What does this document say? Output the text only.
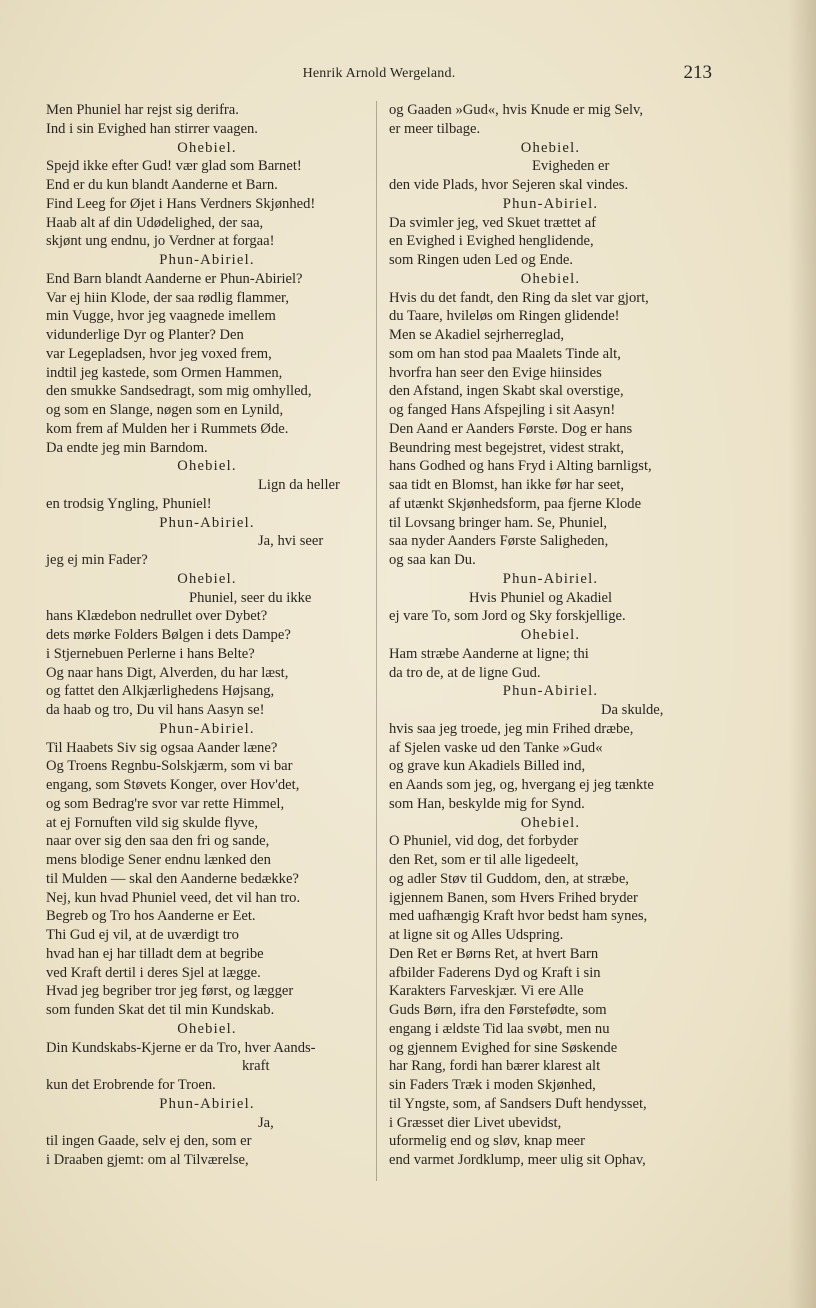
Henrik Arnold Wergeland.	213
Men Phuniel har rejst sig derifra.
Ind i sin Evighed han stirrer vaagen.
Ohebiel.
Spejd ikke efter Gud! vær glad som Barnet!
End er du kun blandt Aanderne et Barn.
Find Leeg for Øjet i Hans Verdners Skjønhed!
Haab alt af din Udødelighed, der saa,
skjønt ung endnu, jo Verdner at forgaa!
Phun-Abiriel.
End Barn blandt Aanderne er Phun-Abiriel?
Var ej hiin Klode, der saa rødlig flammer,
min Vugge, hvor jeg vaagnede imellem
vidunderlige Dyr og Planter? Den
var Legepladsen, hvor jeg voxed frem,
indtil jeg kastede, som Ormen Hammen,
den smukke Sandsedragt, som mig omhylled,
og som en Slange, nøgen som en Lynild,
kom frem af Mulden her i Rummets Øde.
Da endte jeg min Barndom.
Ohebiel.
Lign da heller
en trodsig Yngling, Phuniel!
Phun-Abiriel.
Ja, hvi seer
jeg ej min Fader?
Ohebiel.
Phuniel, seer du ikke
hans Klædebon nedrullet over Dybet?
dets mørke Folders Bølgen i dets Dampe?
i Stjernebuen Perlerne i hans Belte?
Og naar hans Digt, Alverden, du har læst,
og fattet den Alkjærlighedens Højsang,
da haab og tro, Du vil hans Aasyn se!
Phun-Abiriel.
Til Haabets Siv sig ogsaa Aander læne?
Og Troens Regnbu-Solskjærm, som vi bar
engang, som Støvets Konger, over Hov'det,
og som Bedrag're svor var rette Himmel,
at ej Fornuften vild sig skulde flyve,
naar over sig den saa den fri og sande,
mens blodige Sener endnu lænked den
til Mulden — skal den Aanderne bedække?
Nej, kun hvad Phuniel veed, det vil han tro.
Begreb og Tro hos Aanderne er Eet.
Thi Gud ej vil, at de uværdigt tro
hvad han ej har tilladt dem at begribe
ved Kraft dertil i deres Sjel at lægge.
Hvad jeg begriber tror jeg først, og lægger
som funden Skat det til min Kundskab.
Ohebiel.
Din Kundskabs-Kjerne er da Tro, hver Aands-
kraft
kun det Erobrende for Troen.
Phun-Abiriel.
Ja,
til ingen Gaade, selv ej den, som er
i Draaben gjemt: om al Tilværelse,
og Gaaden »Gud«, hvis Knude er mig Selv,
er meer tilbage.
Ohebiel.
Evigheden er
den vide Plads, hvor Sejeren skal vindes.
Phun-Abiriel.
Da svimler jeg, ved Skuet trættet af
en Evighed i Evighed henglidende,
som Ringen uden Led og Ende.
Ohebiel.
Hvis du det fandt, den Ring da slet var gjort,
du Taare, hvileløs om Ringen glidende!
Men se Akadiel sejrherreglad,
som om han stod paa Maalets Tinde alt,
hvorfra han seer den Evige hiinsides
den Afstand, ingen Skabt skal overstige,
og fanged Hans Afspejling i sit Aasyn!
Den Aand er Aanders Første. Dog er hans
Beundring mest begejstret, videst strakt,
hans Godhed og hans Fryd i Alting barnligst,
saa tidt en Blomst, han ikke før har seet,
af utænkt Skjønhedsform, paa fjerne Klode
til Lovsang bringer ham. Se, Phuniel,
saa nyder Aanders Første Saligheden,
og saa kan Du.
Phun-Abiriel.
Hvis Phuniel og Akadiel
ej vare To, som Jord og Sky forskjellige.
Ohebiel.
Ham stræbe Aanderne at ligne; thi
da tro de, at de ligne Gud.
Phun-Abiriel.
Da skulde,
hvis saa jeg troede, jeg min Frihed dræbe,
af Sjelen vaske ud den Tanke »Gud«
og grave kun Akadiels Billed ind,
en Aands som jeg, og, hvergang ej jeg tænkte
som Han, beskylde mig for Synd.
Ohebiel.
O Phuniel, vid dog, det forbyder
den Ret, som er til alle ligedeelt,
og adler Støv til Guddom, den, at stræbe,
igjennem Banen, som Hvers Frihed bryder
med uafhængig Kraft hvor bedst ham synes,
at ligne sit og Alles Udspring.
Den Ret er Børns Ret, at hvert Barn
afbilder Faderens Dyd og Kraft i sin
Karakters Farveskjær. Vi ere Alle
Guds Børn, ifra den Førstefødte, som
engang i ældste Tid laa svøbt, men nu
og gjennem Evighed for sine Søskende
har Rang, fordi han bærer klarest alt
sin Faders Træk i moden Skjønhed,
til Yngste, som, af Sandsers Duft hendysset,
i Græsset dier Livet ubevidst,
uformelig end og sløv, knap meer
end varmet Jordklump, meer ulig sit Ophav,
